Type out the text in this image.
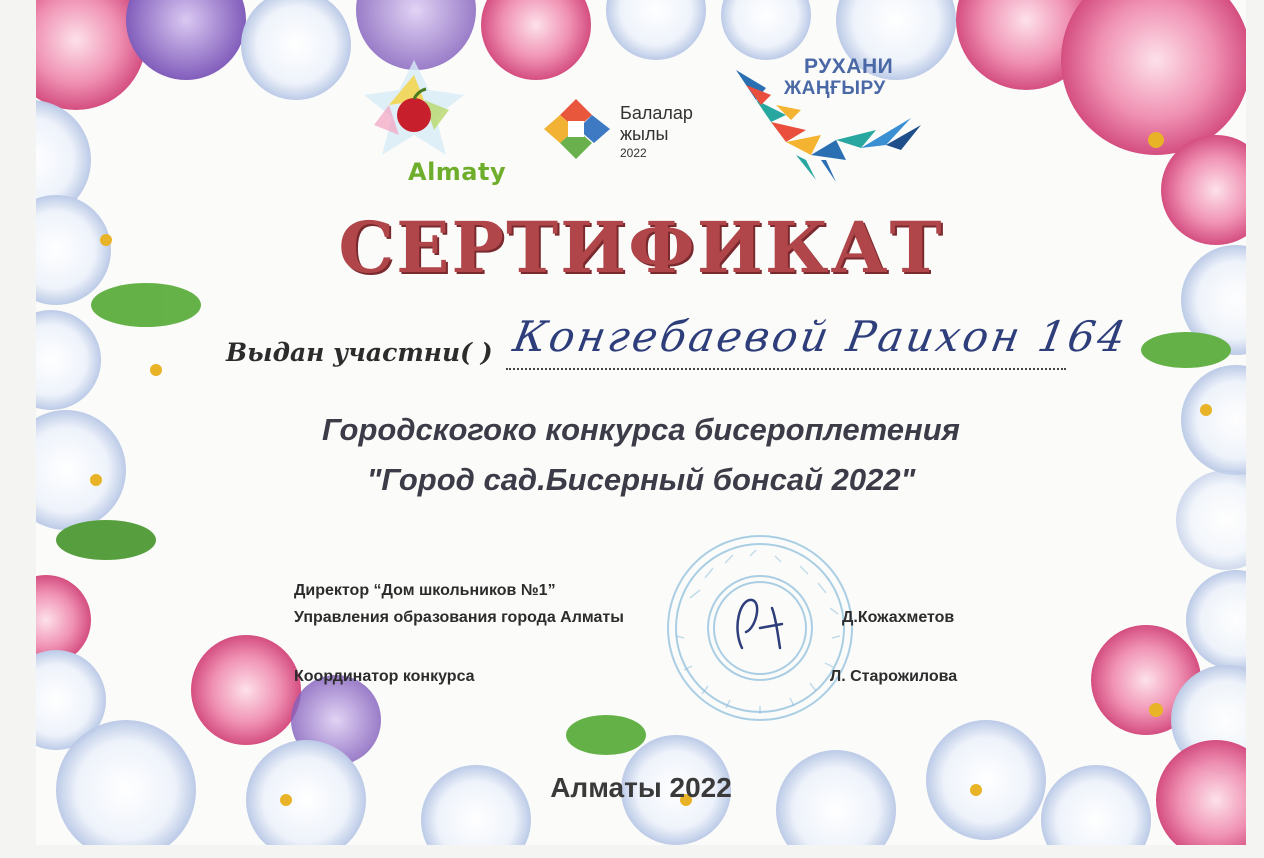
Almaty
Балалар
жылы
2022
РУХАНИ
ЖАҢҒЫРУ
СЕРТИФИКАТ
Выдан участни( ) Конгебаевой Раихон 164
Городскогоко конкурса бисероплетения
"Город сад.Бисерный бонсай 2022"
Директор “Дом школьников №1”
Управления образования города Алматы	Д.Кожахметов
Координатор конкурса	Л. Старожилова
Алматы 2022
